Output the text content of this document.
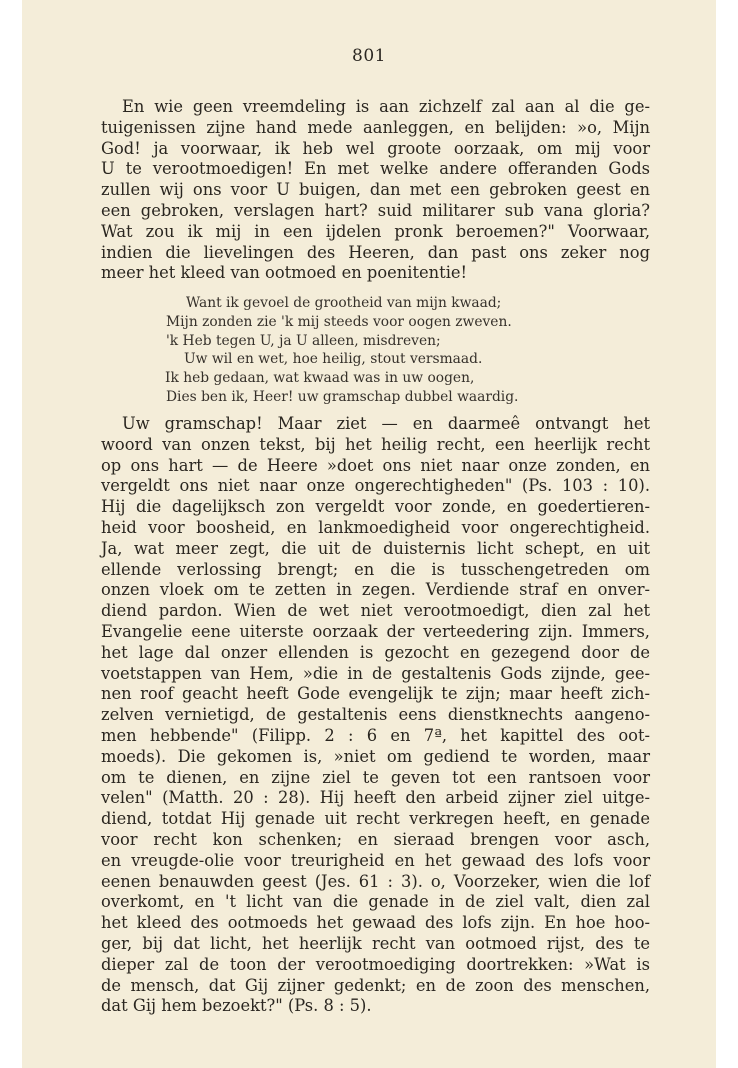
801
En wie geen vreemdeling is aan zichzelf zal aan al die ge-
tuigenissen zijne hand mede aanleggen, en belijden: »o, Mijn
God! ja voorwaar, ik heb wel groote oorzaak, om mij voor
U te verootmoedigen! En met welke andere offeranden Gods
zullen wij ons voor U buigen, dan met een gebroken geest en
een gebroken, verslagen hart? suid militarer sub vana gloria?
Wat zou ik mij in een ijdelen pronk beroemen?" Voorwaar,
indien die lievelingen des Heeren, dan past ons zeker nog
meer het kleed van ootmoed en poenitentie!
Want ik gevoel de grootheid van mijn kwaad;
Mijn zonden zie 'k mij steeds voor oogen zweven.
'k Heb tegen U, ja U alleen, misdreven;
Uw wil en wet, hoe heilig, stout versmaad.
Ik heb gedaan, wat kwaad was in uw oogen,
Dies ben ik, Heer! uw gramschap dubbel waardig.
Uw gramschap! Maar ziet — en daarmeê ontvangt het
woord van onzen tekst, bij het heilig recht, een heerlijk recht
op ons hart — de Heere »doet ons niet naar onze zonden, en
vergeldt ons niet naar onze ongerechtigheden" (Ps. 103 : 10).
Hij die dagelijksch zon vergeldt voor zonde, en goedertieren-
heid voor boosheid, en lankmoedigheid voor ongerechtigheid.
Ja, wat meer zegt, die uit de duisternis licht schept, en uit
ellende verlossing brengt; en die is tusschengetreden om
onzen vloek om te zetten in zegen. Verdiende straf en onver-
diend pardon. Wien de wet niet verootmoedigt, dien zal het
Evangelie eene uiterste oorzaak der verteedering zijn. Immers,
het lage dal onzer ellenden is gezocht en gezegend door de
voetstappen van Hem, »die in de gestaltenis Gods zijnde, gee-
nen roof geacht heeft Gode evengelijk te zijn; maar heeft zich-
zelven vernietigd, de gestaltenis eens dienstknechts aangeno-
men hebbende" (Filipp. 2 : 6 en 7ª, het kapittel des oot-
moeds). Die gekomen is, »niet om gediend te worden, maar
om te dienen, en zijne ziel te geven tot een rantsoen voor
velen" (Matth. 20 : 28). Hij heeft den arbeid zijner ziel uitge-
diend, totdat Hij genade uit recht verkregen heeft, en genade
voor recht kon schenken; en sieraad brengen voor asch,
en vreugde-olie voor treurigheid en het gewaad des lofs voor
eenen benauwden geest (Jes. 61 : 3). o, Voorzeker, wien die lof
overkomt, en 't licht van die genade in de ziel valt, dien zal
het kleed des ootmoeds het gewaad des lofs zijn. En hoe hoo-
ger, bij dat licht, het heerlijk recht van ootmoed rijst, des te
dieper zal de toon der verootmoediging doortrekken: »Wat is
de mensch, dat Gij zijner gedenkt; en de zoon des menschen,
dat Gij hem bezoekt?" (Ps. 8 : 5).
